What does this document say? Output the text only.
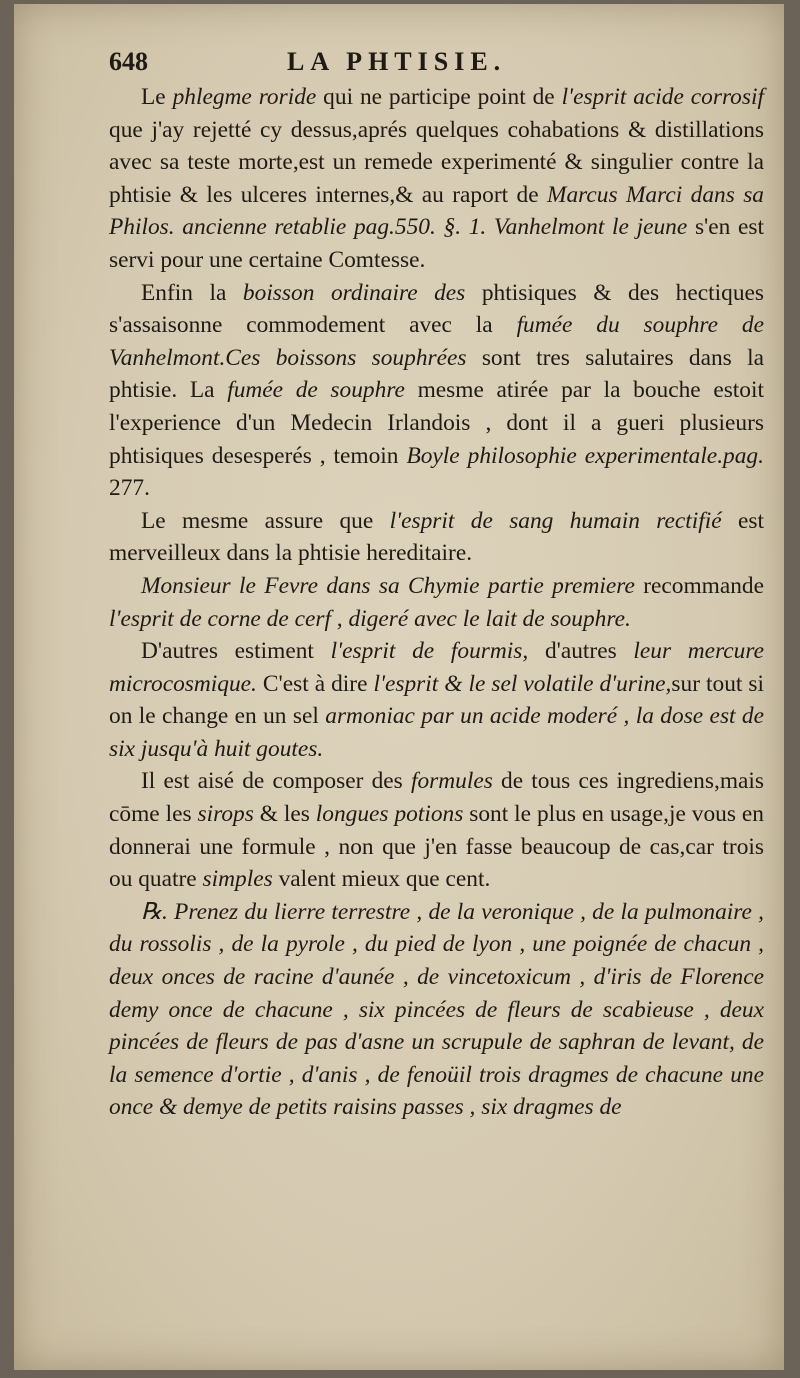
648	LA PHTISIE.

Le phlegme roride qui ne participe point de l'esprit acide corrosif que j'ay rejetté cy dessus,aprés quelques cohabations & distillations avec sa teste morte,est un remede experimenté & singulier contre la phtisie & les ulceres internes,& au raport de Marcus Marci dans sa Philos. ancienne retablie pag.550. §. 1. Vanhelmont le jeune s'en est servi pour une certaine Comtesse.

Enfin la boisson ordinaire des phtisiques & des hectiques s'assaisonne commodement avec la fumée du souphre de Vanhelmont.Ces boissons souphrées sont tres salutaires dans la phtisie. La fumée de souphre mesme atirée par la bouche estoit l'experience d'un Medecin Irlandois , dont il a gueri plusieurs phtisiques desesperés , temoin Boyle philosophie experimentale.pag. 277.

Le mesme assure que l'esprit de sang humain rectifié est merveilleux dans la phtisie hereditaire.

Monsieur le Fevre dans sa Chymie partie premiere recommande l'esprit de corne de cerf , digeré avec le lait de souphre.

D'autres estiment l'esprit de fourmis, d'autres leur mercure microcosmique. C'est à dire l'esprit & le sel volatile d'urine,sur tout si on le change en un sel armoniac par un acide moderé , la dose est de six jusqu'à huit goutes.

Il est aisé de composer des formules de tous ces ingrediens,mais cōme les sirops & les longues potions sont le plus en usage,je vous en donnerai une formule , non que j'en fasse beaucoup de cas,car trois ou quatre simples valent mieux que cent.

℞. Prenez du lierre terrestre , de la veronique , de la pulmonaire , du rossolis , de la pyrole , du pied de lyon , une poignée de chacun , deux onces de racine d'aunée , de vincetoxicum , d'iris de Florence demy once de chacune , six pincées de fleurs de scabieuse , deux pincées de fleurs de pas d'asne un scrupule de saphran de levant, de la semence d'ortie , d'anis , de fenoüil trois dragmes de chacune une once & demye de petits raisins passes , six dragmes de
